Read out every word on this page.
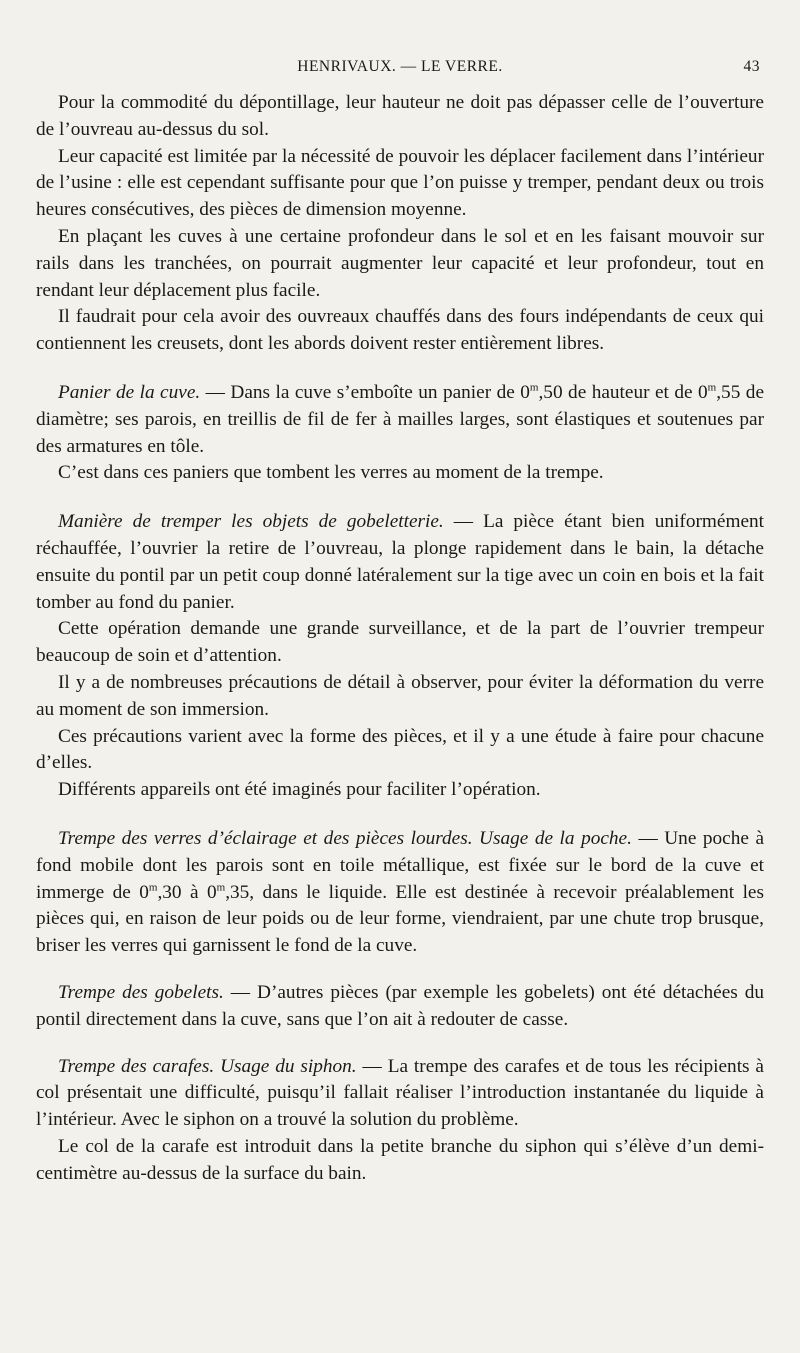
HENRIVAUX. — LE VERRE.	43

Pour la commodité du dépontillage, leur hauteur ne doit pas dépasser celle de l’ouverture de l’ouvreau au-dessus du sol.

Leur capacité est limitée par la nécessité de pouvoir les déplacer facilement dans l’intérieur de l’usine : elle est cependant suffisante pour que l’on puisse y tremper, pendant deux ou trois heures consécutives, des pièces de dimension moyenne.

En plaçant les cuves à une certaine profondeur dans le sol et en les faisant mouvoir sur rails dans les tranchées, on pourrait augmenter leur capacité et leur profondeur, tout en rendant leur déplacement plus facile.

Il faudrait pour cela avoir des ouvreaux chauffés dans des fours indépendants de ceux qui contiennent les creusets, dont les abords doivent rester entièrement libres.

Panier de la cuve. — Dans la cuve s’emboîte un panier de 0$^m$,50 de hauteur et de 0$^m$,55 de diamètre; ses parois, en treillis de fil de fer à mailles larges, sont élastiques et soutenues par des armatures en tôle.

C’est dans ces paniers que tombent les verres au moment de la trempe.

Manière de tremper les objets de gobeletterie. — La pièce étant bien uniformément réchauffée, l’ouvrier la retire de l’ouvreau, la plonge rapidement dans le bain, la détache ensuite du pontil par un petit coup donné latéralement sur la tige avec un coin en bois et la fait tomber au fond du panier.

Cette opération demande une grande surveillance, et de la part de l’ouvrier trempeur beaucoup de soin et d’attention.

Il y a de nombreuses précautions de détail à observer, pour éviter la déformation du verre au moment de son immersion.

Ces précautions varient avec la forme des pièces, et il y a une étude à faire pour chacune d’elles.

Différents appareils ont été imaginés pour faciliter l’opération.

Trempe des verres d’éclairage et des pièces lourdes. Usage de la poche. — Une poche à fond mobile dont les parois sont en toile métallique, est fixée sur le bord de la cuve et immerge de 0$^m$,30 à 0$^m$,35, dans le liquide. Elle est destinée à recevoir préalablement les pièces qui, en raison de leur poids ou de leur forme, viendraient, par une chute trop brusque, briser les verres qui garnissent le fond de la cuve.

Trempe des gobelets. — D’autres pièces (par exemple les gobelets) ont été détachées du pontil directement dans la cuve, sans que l’on ait à redouter de casse.

Trempe des carafes. Usage du siphon. — La trempe des carafes et de tous les récipients à col présentait une difficulté, puisqu’il fallait réaliser l’introduction instantanée du liquide à l’intérieur. Avec le siphon on a trouvé la solution du problème.

Le col de la carafe est introduit dans la petite branche du siphon qui s’élève d’un demi-centimètre au-dessus de la surface du bain.
